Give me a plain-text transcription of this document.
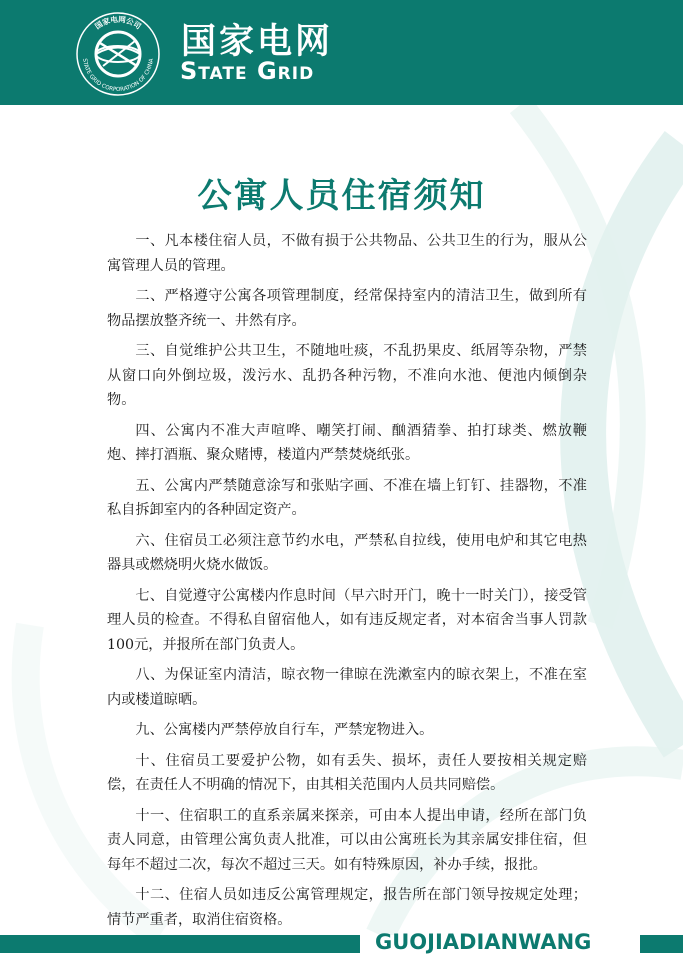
国家电网公司
STATE GRID CORPORATION OF CHINA 国家电网
State Grid
公寓人员住宿须知

一、凡本楼住宿人员，不做有损于公共物品、公共卫生的行为，服从公寓管理人员的管理。

二、严格遵守公寓各项管理制度，经常保持室内的清洁卫生，做到所有物品摆放整齐统一、井然有序。

三、自觉维护公共卫生，不随地吐痰，不乱扔果皮、纸屑等杂物，严禁从窗口向外倒垃圾，泼污水、乱扔各种污物，不准向水池、便池内倾倒杂物。

四、公寓内不准大声喧哗、嘲笑打闹、酗酒猜拳、拍打球类、燃放鞭炮、摔打酒瓶、聚众赌博，楼道内严禁焚烧纸张。

五、公寓内严禁随意涂写和张贴字画、不准在墙上钉钉、挂器物，不准私自拆卸室内的各种固定资产。

六、住宿员工必须注意节约水电，严禁私自拉线，使用电炉和其它电热器具或燃烧明火烧水做饭。

七、自觉遵守公寓楼内作息时间（早六时开门，晚十一时关门），接受管理人员的检查。不得私自留宿他人，如有违反规定者，对本宿舍当事人罚款100元，并报所在部门负责人。

八、为保证室内清洁，晾衣物一律晾在洗漱室内的晾衣架上，不准在室内或楼道晾晒。

九、公寓楼内严禁停放自行车，严禁宠物进入。

十、住宿员工要爱护公物，如有丢失、损坏，责任人要按相关规定赔偿，在责任人不明确的情况下，由其相关范围内人员共同赔偿。

十一、住宿职工的直系亲属来探亲，可由本人提出申请，经所在部门负责人同意，由管理公寓负责人批准，可以由公寓班长为其亲属安排住宿，但每年不超过二次，每次不超过三天。如有特殊原因，补办手续，报批。

十二、住宿人员如违反公寓管理规定，报告所在部门领导按规定处理；情节严重者，取消住宿资格。

GUOJIADIANWANG
